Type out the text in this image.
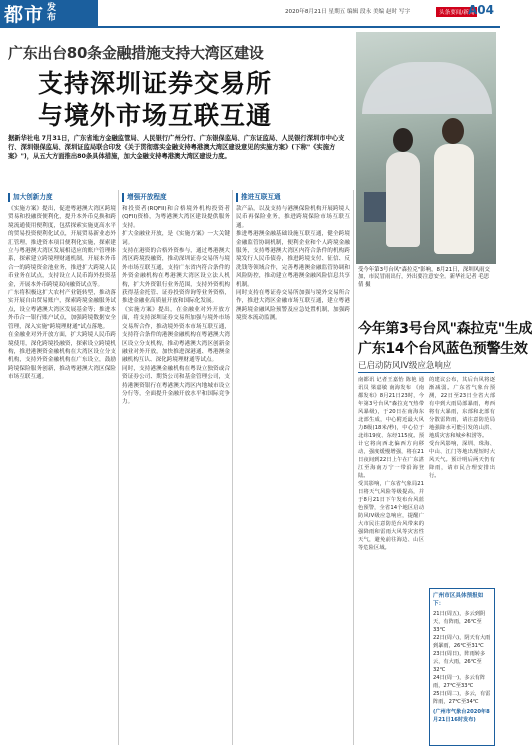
都市 发布
2020年8月21日 星期五 编辑 段永 美编 赵时 写字	头条要闻/新闻
A04
广东出台80条金融措施支持大湾区建设
支持深圳证券交易所
与境外市场互联互通
受今年第3号台风"森拉克"影响，8月21日，深圳风雨交加，市民冒雨出行，外出要注意安全。新华社记者 毛思倩 摄
据新华社电 7月31日，广东省地方金融监管局、人民银行广州分行、广东银保监局、广东证监局、人民银行深圳市中心支行、深圳银保监局、深圳证监局联合印发《关于贯彻落实金融支持粤港澳大湾区建设意见的实施方案》(下称"《实施方案》")，从五大方面推出80条具体措施，加大金融支持粤港澳大湾区建设力度。
加大创新力度
《实施方案》提出，促进粤港澳大湾区跨境贸易和投融资便利化，提升本外币兑换和跨境流通使用便利度，包括探索实施更高水平的贸易投资便利化试点，开展贸易新业态外汇管理，推进资本项目便利化实施，探索建立与粤港澳大湾区发展相适应的账户管理体系，探索建立跨境理财通机制，开展本外币合一的跨境资金池业务，推进扩大跨境人民币业务在试点，支持设立人民币海外投资基金，开展本外币跨境双向融资试点等。
广东将积极这扩大农村产业链转型，推动落实开展自由贸易账户，探索跨境金融服务试点，设立粤港澳大湾区发展基金等；推进本外币合一银行账户试点，加强跨境数据安全管理，深入实施"跨境理财通"试点落地。
在金融业对外开放方面，扩大跨境人民币跨境使用，深化跨境投融资，探索设立跨境机构，推进港澳资金融机构在大湾区设立分支机构，支持外资金融机构在广东设立，鼓励跨境保险服务创新，推动粤港澳大湾区保险市场互联互通。
增强开放程度
和投资者(RQFII)和合格境外机构投资者(QFII)资格，为粤港澳大湾区建设提供服务支持。
扩大金融业开放，是《实施方案》一大关键词。
支持在港资的合格外资参与，通过粤港澳大湾区跨境投融资，推动深圳证券交易所与境外市场互联互通，支持广东省内符合条件的外资金融机构在粤港澳大湾区设立法人机构，扩大外资银行业务范围，支持外资机构获得基金托管、证券投资咨询等业务资格，推进金融业高质量开放和国际化发展。
《实施方案》提出，在金融业对外开放方面，将支持深圳证券交易所加强与境外市场交易所合作，推动境外资本市场互联互通，支持符合条件的港澳金融机构在粤港澳大湾区设立分支机构，推动粤港澳大湾区创新金融业对外开放，加快推进深港通、粤港澳金融机构互认、深化跨境理财通等试点。
同时，支持港澳金融机构在粤设立独资或合资证券公司、期货公司和基金管理公司，支持港澳资银行在粤港澳大湾区内地城市设立分行等，全面提升金融开放水平和国际竞争力。
推进互联互通
款产品，以及支持与港澳保险机构开展跨境人民币再保险业务，推进跨境保险市场互联互通。
推进粤港澳金融基础设施互联互通，健全跨境金融监管协调机制，便利企业和个人跨境金融服务，支持粤港澳大湾区内符合条件的机构跨境发行人民币债券，推进跨境支付、征信、反洗钱等领域合作，完善粤港澳金融监管协调和风险防控，推动建立粤港澳金融风险信息共享机制。
同时支持在粤证券交易所加强与境外交易所合作，推进大湾区金融市场互联互通，建立粤港澳跨境金融风险预警及应急处置机制，加强跨境资本流动监测。
今年第3号台风"森拉克"生成
广东14个台风蓝色预警生效
已启动防风IV级应急响应
南都讯 记者王嘉怡 陈艳 通讯员 梁嘉敏 南海发布 《南都发布》8月21日23时，今年第3号台风"森拉克"(热带风暴级)，于20日在南海东北部生成，中心附近最大风力8级(18米/秒)，中心位于北纬19度、东经115度。预计它将向西北偏西方向移动，强度缓慢增强，将在21日夜间到22日上午在广东湛江至海南万宁一带沿海登陆。
受其影响，广东省气象局21日将天气风险等级提高，并于8月21日下午发布台风蓝色预警，全省14个地区启动防风IV级应急响应，提醒广大市民注意防范台风带来的强降雨和雷雨大风等灾害性天气，避免前往海边、山区等危险区域。
的建议公布，其后台风将逐渐减弱。广东省气象台预测，22日至23日全省大部有中到大雨局部暴雨，粤西将有大暴雨，东部和北部有分散雷阵雨，请注意防范局地强降水可能引发的山洪、地质灾害和城乡积涝等。
受台风影响，深圳、珠海、中山、江门等地出现短时大风天气。预计明后两天仍有降雨，请市民合理安排出行。
广州市区具体预报如下：
21日(周五)，多云到阴天，有阵雨，26℃至33℃
22日(周六)，阴天有大雨到暴雨，26℃至31℃
23日(周日)，阵雨转多云，有大雨，26℃至32℃
24日(周一)，多云有阵雨，27℃至33℃
25日(周二)，多云，有雷阵雨，27℃至34℃
(广州市气象台2020年8月21日16时发布)
